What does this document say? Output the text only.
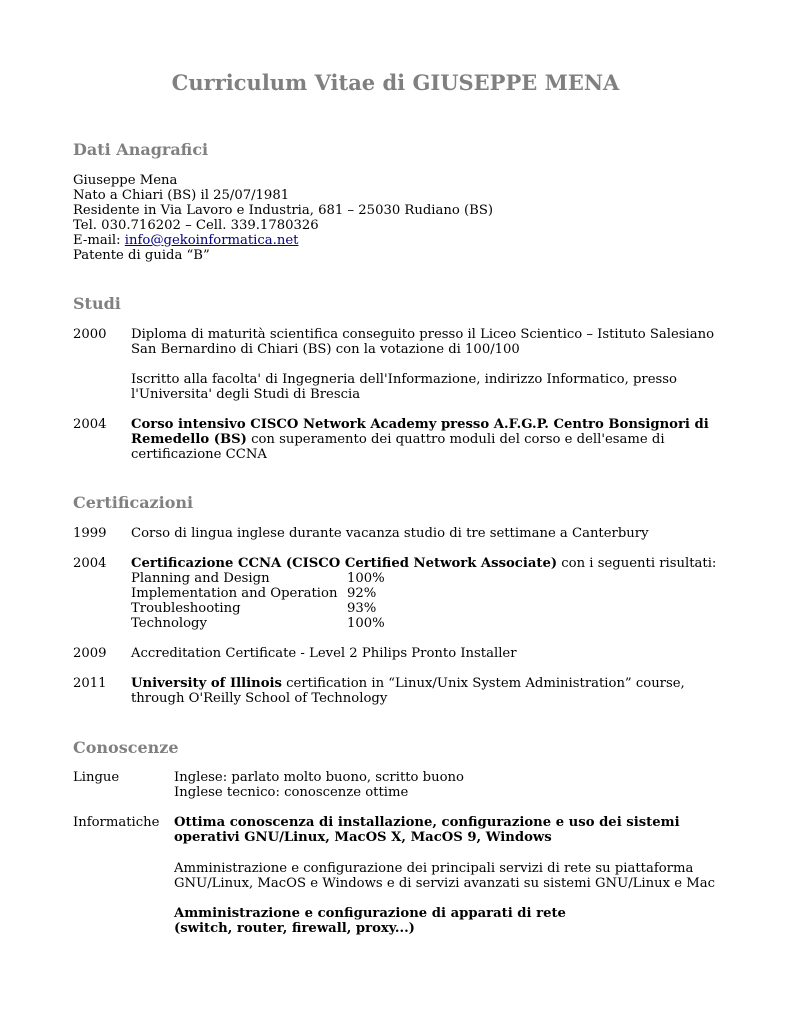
Curriculum Vitae di GIUSEPPE MENA
Dati Anagrafici
Giuseppe Mena
Nato a Chiari (BS) il 25/07/1981
Residente in Via Lavoro e Industria, 681 – 25030 Rudiano (BS)
Tel. 030.716202 – Cell. 339.1780326
E-mail: info@gekoinformatica.net
Patente di guida “B”
Studi
2000 Diploma di maturità scientifica conseguito presso il Liceo Scientico – Istituto Salesiano
San Bernardino di Chiari (BS) con la votazione di 100/100
Iscritto alla facolta' di Ingegneria dell'Informazione, indirizzo Informatico, presso
l'Universita' degli Studi di Brescia
2004 Corso intensivo CISCO Network Academy presso A.F.G.P. Centro Bonsignori di
Remedello (BS) con superamento dei quattro moduli del corso e dell'esame di
certificazione CCNA
Certificazioni
1999 Corso di lingua inglese durante vacanza studio di tre settimane a Canterbury
2004 Certificazione CCNA (CISCO Certified Network Associate) con i seguenti risultati:
Planning and Design	100%
Implementation and Operation 92%
Troubleshooting	93%
Technology	100%
2009 Accreditation Certificate - Level 2 Philips Pronto Installer
2011 University of Illinois certification in “Linux/Unix System Administration” course,
through O'Reilly School of Technology
Conoscenze
Lingue	Inglese: parlato molto buono, scritto buono
Inglese tecnico: conoscenze ottime
Informatiche Ottima conoscenza di installazione, configurazione e uso dei sistemi
operativi GNU/Linux, MacOS X, MacOS 9, Windows
Amministrazione e configurazione dei principali servizi di rete su piattaforma
GNU/Linux, MacOS e Windows e di servizi avanzati su sistemi GNU/Linux e Mac
Amministrazione e configurazione di apparati di rete
(switch, router, firewall, proxy...)
